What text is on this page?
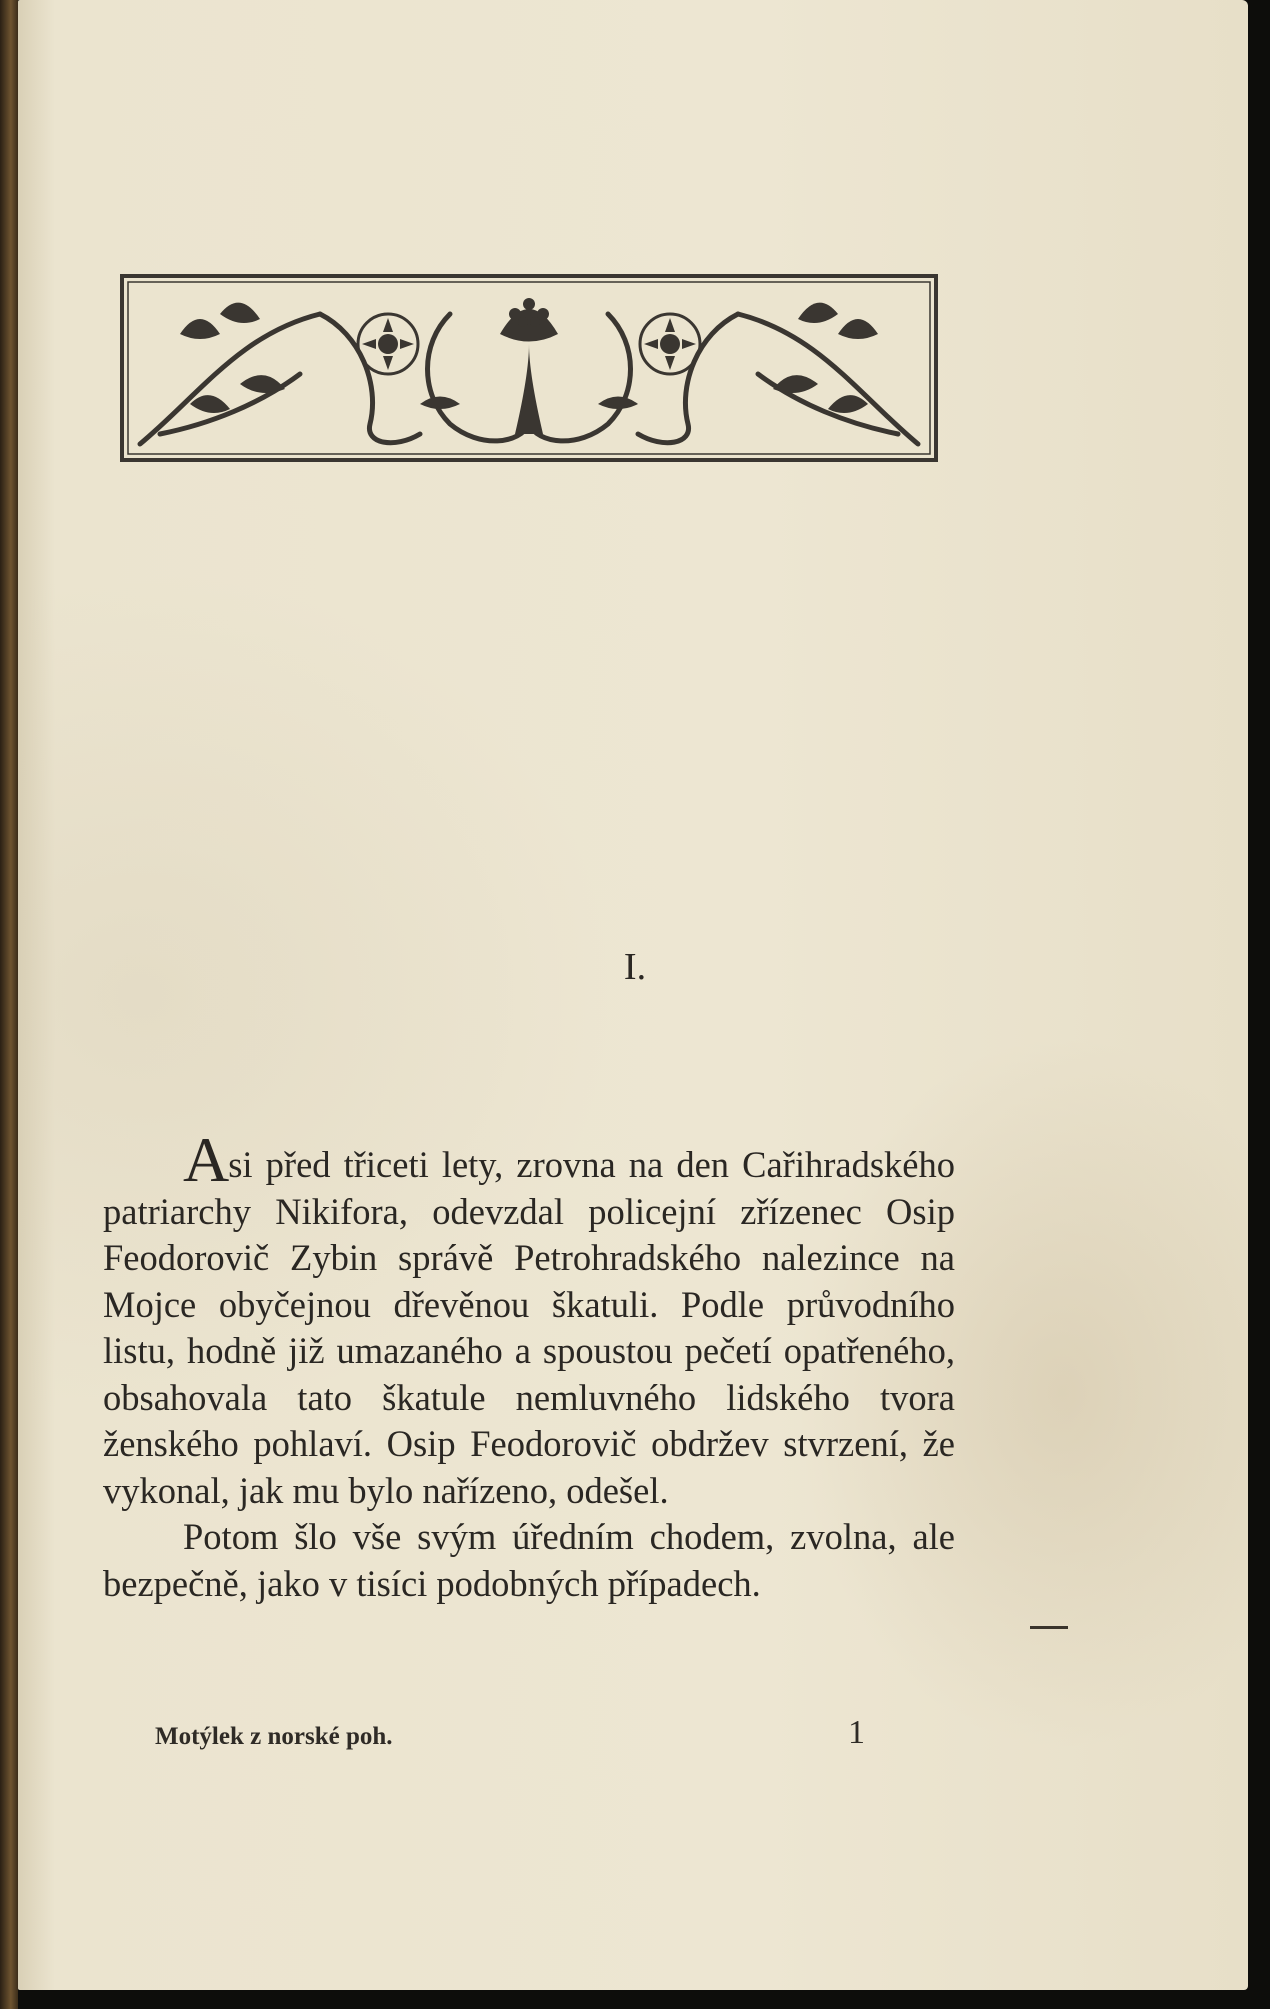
I.

Asi před třiceti lety, zrovna na den Cařihradského patriarchy Nikifora, odevzdal policejní zřízenec Osip Feodorovič Zybin správě Petrohradského nalezince na Mojce obyčejnou dřevěnou škatuli. Podle průvodního listu, hodně již umazaného a spoustou pečetí opatřeného, obsahovala tato škatule nemluvného lidského tvora ženského pohlaví. Osip Feodorovič obdržev stvrzení, že vykonal, jak mu bylo nařízeno, odešel.

Potom šlo vše svým úředním chodem, zvolna, ale bezpečně, jako v tisíci podobných případech.

Motýlek z norské poh.	1
